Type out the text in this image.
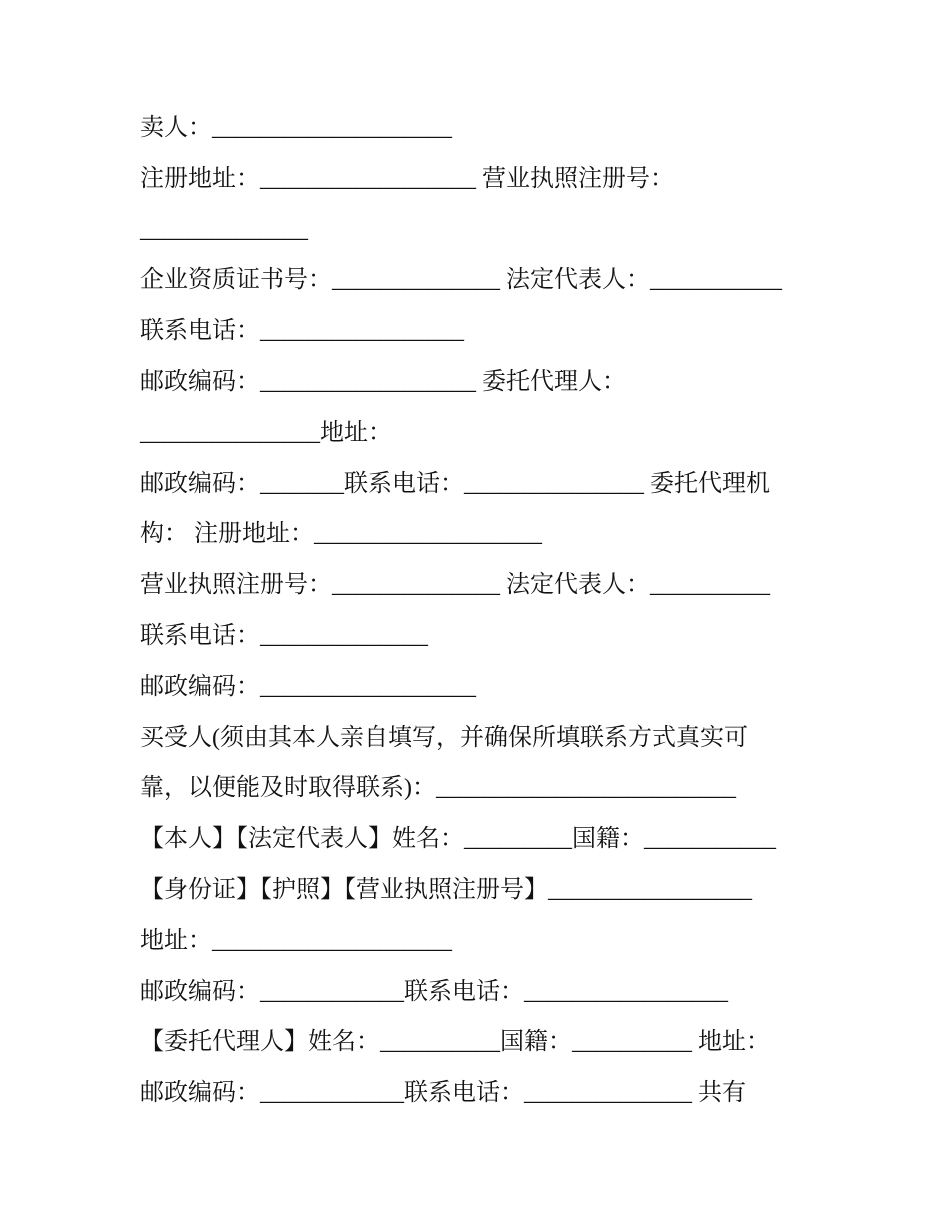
卖人：____________________
注册地址：__________________ 营业执照注册号：
______________
企业资质证书号：______________ 法定代表人：___________
联系电话：_________________
邮政编码：__________________ 委托代理人：
_______________地址：
邮政编码：_______联系电话：_______________ 委托代理机
构： 注册地址：___________________
营业执照注册号：______________ 法定代表人：__________
联系电话：______________
邮政编码：__________________
买受人(须由其本人亲自填写，并确保所填联系方式真实可
靠，以便能及时取得联系)：_________________________
【本人】【法定代表人】姓名：_________国籍：___________
【身份证】【护照】【营业执照注册号】_________________
地址：____________________
邮政编码：____________联系电话：_________________
【委托代理人】姓名：__________国籍：__________ 地址：
邮政编码：____________联系电话：______________ 共有
